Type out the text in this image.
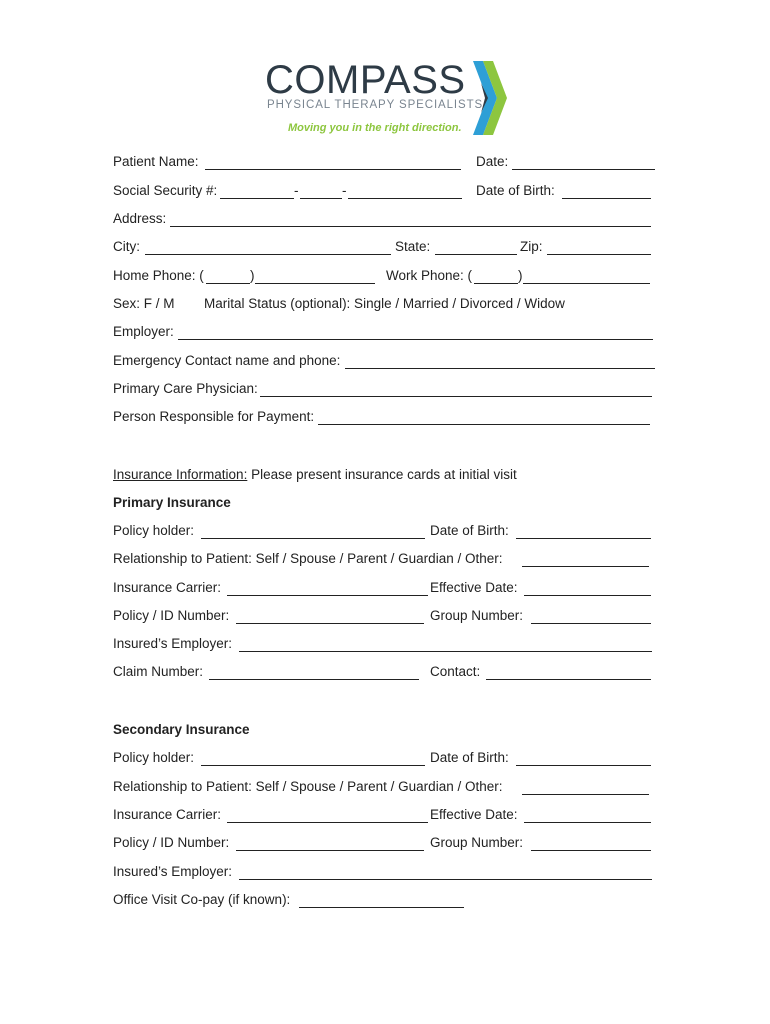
COMPASS
PHYSICAL THERAPY SPECIALISTS
Moving you in the right direction.
Patient Name:	Date:
Social Security #:	-	-	Date of Birth:
Address:
City:	State:	Zip:
Home Phone: (	)	Work Phone: (	)
Sex: F / M Marital Status (optional): Single / Married / Divorced / Widow
Employer:
Emergency Contact name and phone:
Primary Care Physician:
Person Responsible for Payment:
Insurance Information: Please present insurance cards at initial visit
Primary Insurance
Policy holder:	Date of Birth:
Relationship to Patient: Self / Spouse / Parent / Guardian / Other:
Insurance Carrier:	Effective Date:
Policy / ID Number:	Group Number:
Insured’s Employer:
Claim Number:	Contact:
Secondary Insurance
Policy holder:	Date of Birth:
Relationship to Patient: Self / Spouse / Parent / Guardian / Other:
Insurance Carrier:	Effective Date:
Policy / ID Number:	Group Number:
Insured’s Employer:
Office Visit Co-pay (if known):
